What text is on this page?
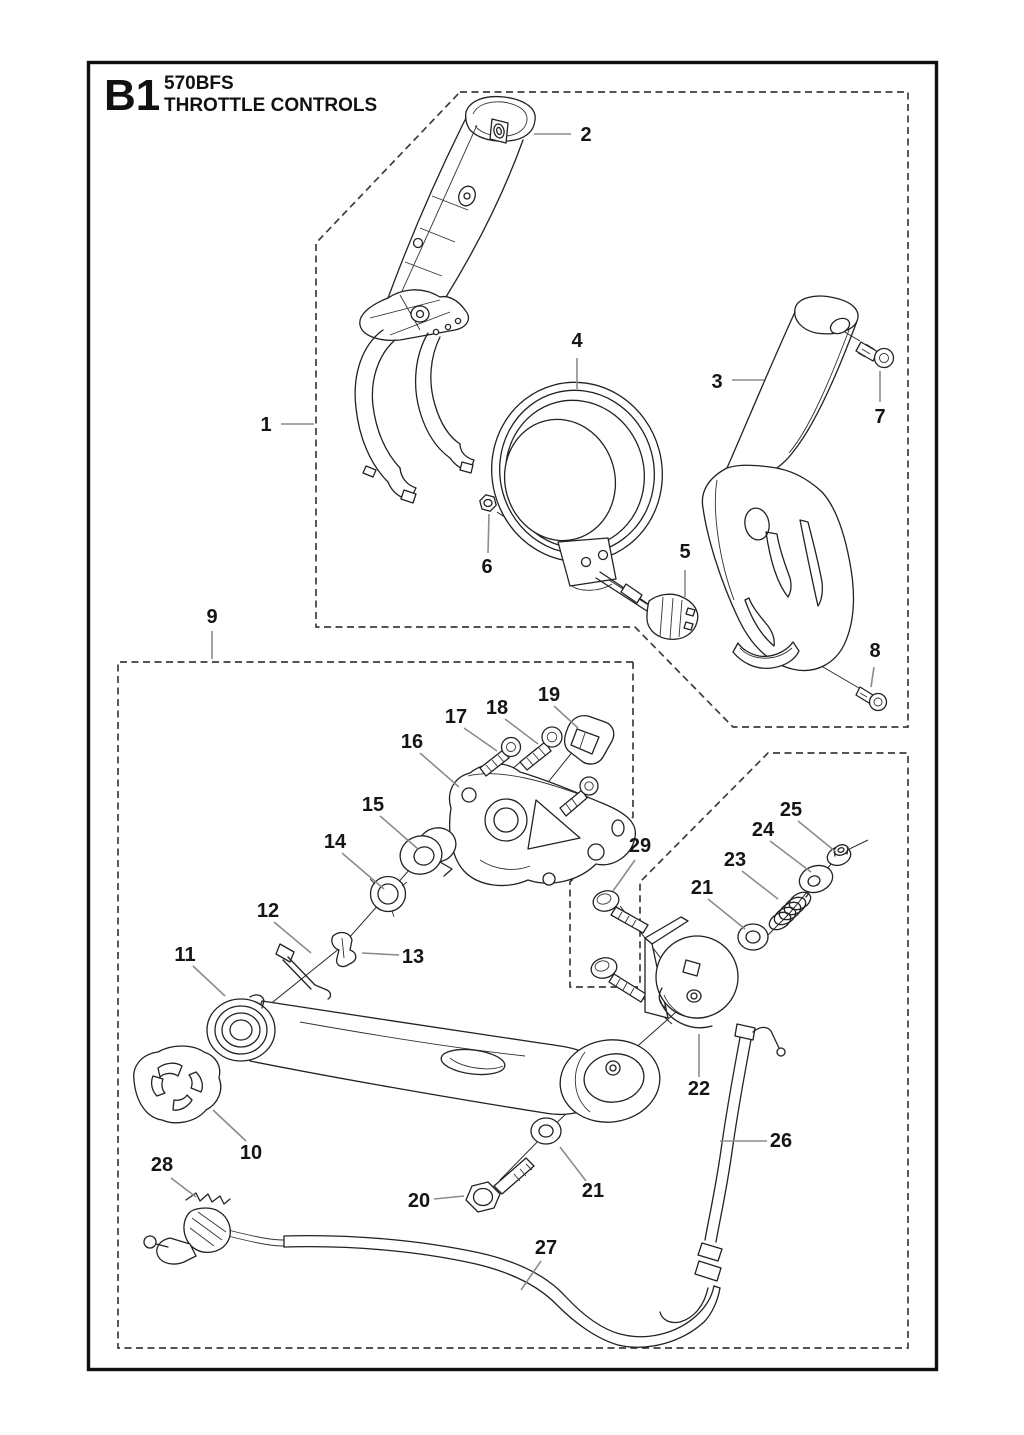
B1 570BFS
THROTTLE CONTROLS
1
2
3
4
5
6
7
8
9
10
11
12
13
14
15
16
17 18
19
20
21
21
22
23
24
25
26
27
28
29
